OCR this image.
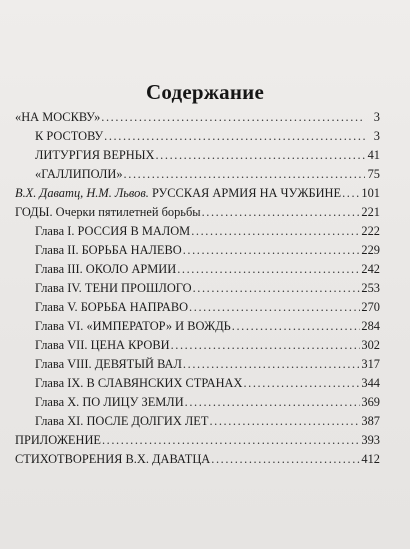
Содержание
«НА МОСКВУ» .....	3
К РОСТОВУ .....	3
ЛИТУРГИЯ ВЕРНЫХ .....	41
«ГАЛЛИПОЛИ» .....	75
В.Х. Даватц, Н.М. Львов. РУССКАЯ АРМИЯ НА ЧУЖБИНЕ ..... 101
ГОДЫ. Очерки пятилетней борьбы .....	221
Глава I. РОССИЯ В МАЛОМ .....	222
Глава II. БОРЬБА НАЛЕВО .....	229
Глава III. ОКОЛО АРМИИ .....	242
Глава IV. ТЕНИ ПРОШЛОГО .....	253
Глава V. БОРЬБА НАПРАВО .....	270
Глава VI. «ИМПЕРАТОР» И ВОЖДЬ .....	284
Глава VII. ЦЕНА КРОВИ .....	302
Глава VIII. ДЕВЯТЫЙ ВАЛ .....	317
Глава IX. В СЛАВЯНСКИХ СТРАНАХ .....	344
Глава X. ПО ЛИЦУ ЗЕМЛИ .....	369
Глава XI. ПОСЛЕ ДОЛГИХ ЛЕТ .....	387
ПРИЛОЖЕНИЕ .....	393
СТИХОТВОРЕНИЯ В.Х. ДАВАТЦА .....	412
